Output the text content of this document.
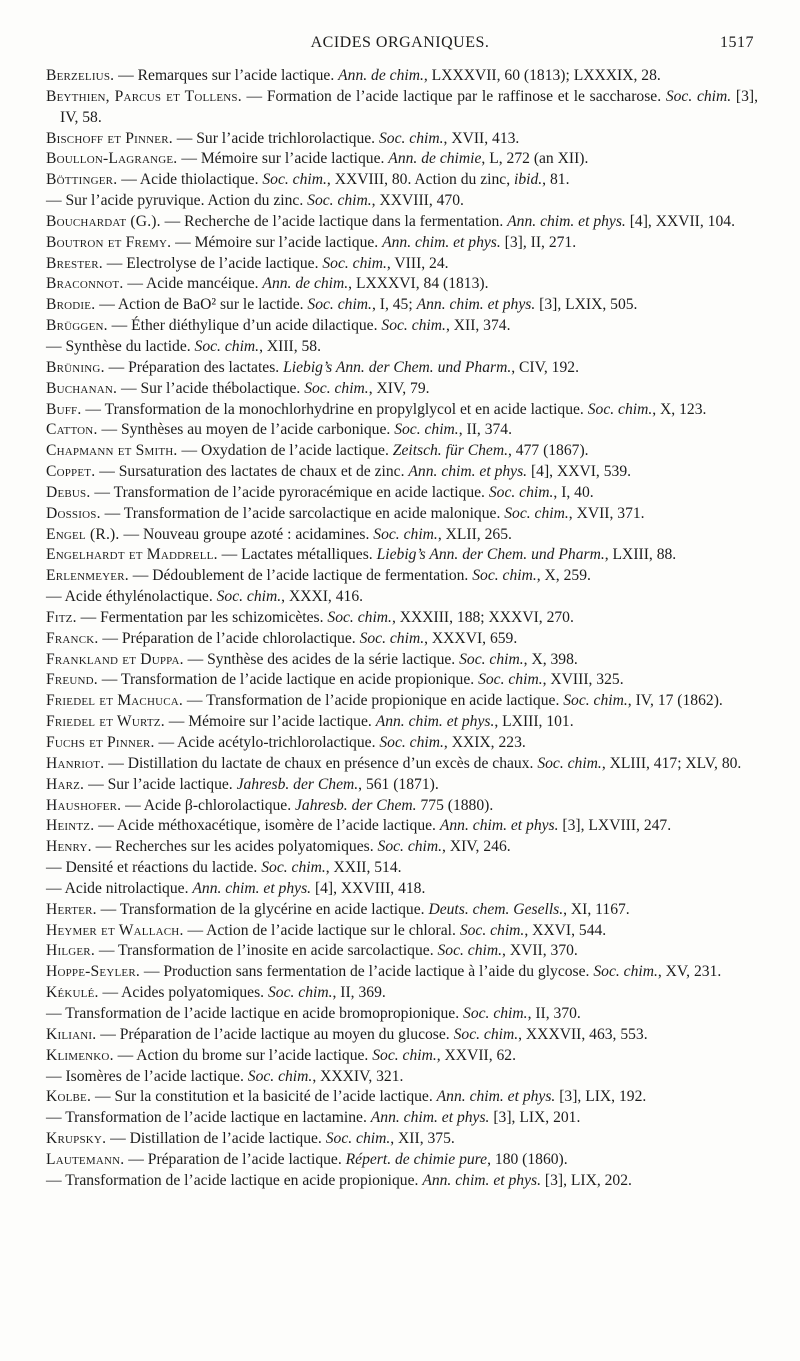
ACIDES ORGANIQUES.	1517

Berzelius. — Remarques sur l’acide lactique. Ann. de chim., LXXXVII, 60 (1813); LXXXIX, 28.

Beythien, Parcus et Tollens. — Formation de l’acide lactique par le raffinose et le saccharose. Soc. chim. [3], IV, 58.

Bischoff et Pinner. — Sur l’acide trichlorolactique. Soc. chim., XVII, 413.

Boullon-Lagrange. — Mémoire sur l’acide lactique. Ann. de chimie, L, 272 (an XII).

Böttinger. — Acide thiolactique. Soc. chim., XXVIII, 80. Action du zinc, ibid., 81.

— Sur l’acide pyruvique. Action du zinc. Soc. chim., XXVIII, 470.

Bouchardat (G.). — Recherche de l’acide lactique dans la fermentation. Ann. chim. et phys. [4], XXVII, 104.

Boutron et Fremy. — Mémoire sur l’acide lactique. Ann. chim. et phys. [3], II, 271.

Brester. — Electrolyse de l’acide lactique. Soc. chim., VIII, 24.

Braconnot. — Acide mancéique. Ann. de chim., LXXXVI, 84 (1813).

Brodie. — Action de BaO² sur le lactide. Soc. chim., I, 45; Ann. chim. et phys. [3], LXIX, 505.

Brüggen. — Éther diéthylique d’un acide dilactique. Soc. chim., XII, 374.

— Synthèse du lactide. Soc. chim., XIII, 58.

Brüning. — Préparation des lactates. Liebig’s Ann. der Chem. und Pharm., CIV, 192.

Buchanan. — Sur l’acide thébolactique. Soc. chim., XIV, 79.

Buff. — Transformation de la monochlorhydrine en propylglycol et en acide lactique. Soc. chim., X, 123.

Catton. — Synthèses au moyen de l’acide carbonique. Soc. chim., II, 374.

Chapmann et Smith. — Oxydation de l’acide lactique. Zeitsch. für Chem., 477 (1867).

Coppet. — Sursaturation des lactates de chaux et de zinc. Ann. chim. et phys. [4], XXVI, 539.

Debus. — Transformation de l’acide pyroracémique en acide lactique. Soc. chim., I, 40.

Dossios. — Transformation de l’acide sarcolactique en acide malonique. Soc. chim., XVII, 371.

Engel (R.). — Nouveau groupe azoté : acidamines. Soc. chim., XLII, 265.

Engelhardt et Maddrell. — Lactates métalliques. Liebig’s Ann. der Chem. und Pharm., LXIII, 88.

Erlenmeyer. — Dédoublement de l’acide lactique de fermentation. Soc. chim., X, 259.

— Acide éthylénolactique. Soc. chim., XXXI, 416.

Fitz. — Fermentation par les schizomicètes. Soc. chim., XXXIII, 188; XXXVI, 270.

Franck. — Préparation de l’acide chlorolactique. Soc. chim., XXXVI, 659.

Frankland et Duppa. — Synthèse des acides de la série lactique. Soc. chim., X, 398.

Freund. — Transformation de l’acide lactique en acide propionique. Soc. chim., XVIII, 325.

Friedel et Machuca. — Transformation de l’acide propionique en acide lactique. Soc. chim., IV, 17 (1862).

Friedel et Wurtz. — Mémoire sur l’acide lactique. Ann. chim. et phys., LXIII, 101.

Fuchs et Pinner. — Acide acétylo-trichlorolactique. Soc. chim., XXIX, 223.

Hanriot. — Distillation du lactate de chaux en présence d’un excès de chaux. Soc. chim., XLIII, 417; XLV, 80.

Harz. — Sur l’acide lactique. Jahresb. der Chem., 561 (1871).

Haushofer. — Acide β-chlorolactique. Jahresb. der Chem. 775 (1880).

Heintz. — Acide méthoxacétique, isomère de l’acide lactique. Ann. chim. et phys. [3], LXVIII, 247.

Henry. — Recherches sur les acides polyatomiques. Soc. chim., XIV, 246.

— Densité et réactions du lactide. Soc. chim., XXII, 514.

— Acide nitrolactique. Ann. chim. et phys. [4], XXVIII, 418.

Herter. — Transformation de la glycérine en acide lactique. Deuts. chem. Gesells., XI, 1167.

Heymer et Wallach. — Action de l’acide lactique sur le chloral. Soc. chim., XXVI, 544.

Hilger. — Transformation de l’inosite en acide sarcolactique. Soc. chim., XVII, 370.

Hoppe-Seyler. — Production sans fermentation de l’acide lactique à l’aide du glycose. Soc. chim., XV, 231.

Kékulé. — Acides polyatomiques. Soc. chim., II, 369.

— Transformation de l’acide lactique en acide bromopropionique. Soc. chim., II, 370.

Kiliani. — Préparation de l’acide lactique au moyen du glucose. Soc. chim., XXXVII, 463, 553.

Klimenko. — Action du brome sur l’acide lactique. Soc. chim., XXVII, 62.

— Isomères de l’acide lactique. Soc. chim., XXXIV, 321.

Kolbe. — Sur la constitution et la basicité de l’acide lactique. Ann. chim. et phys. [3], LIX, 192.

— Transformation de l’acide lactique en lactamine. Ann. chim. et phys. [3], LIX, 201.

Krupsky. — Distillation de l’acide lactique. Soc. chim., XII, 375.

Lautemann. — Préparation de l’acide lactique. Répert. de chimie pure, 180 (1860).

— Transformation de l’acide lactique en acide propionique. Ann. chim. et phys. [3], LIX, 202.
